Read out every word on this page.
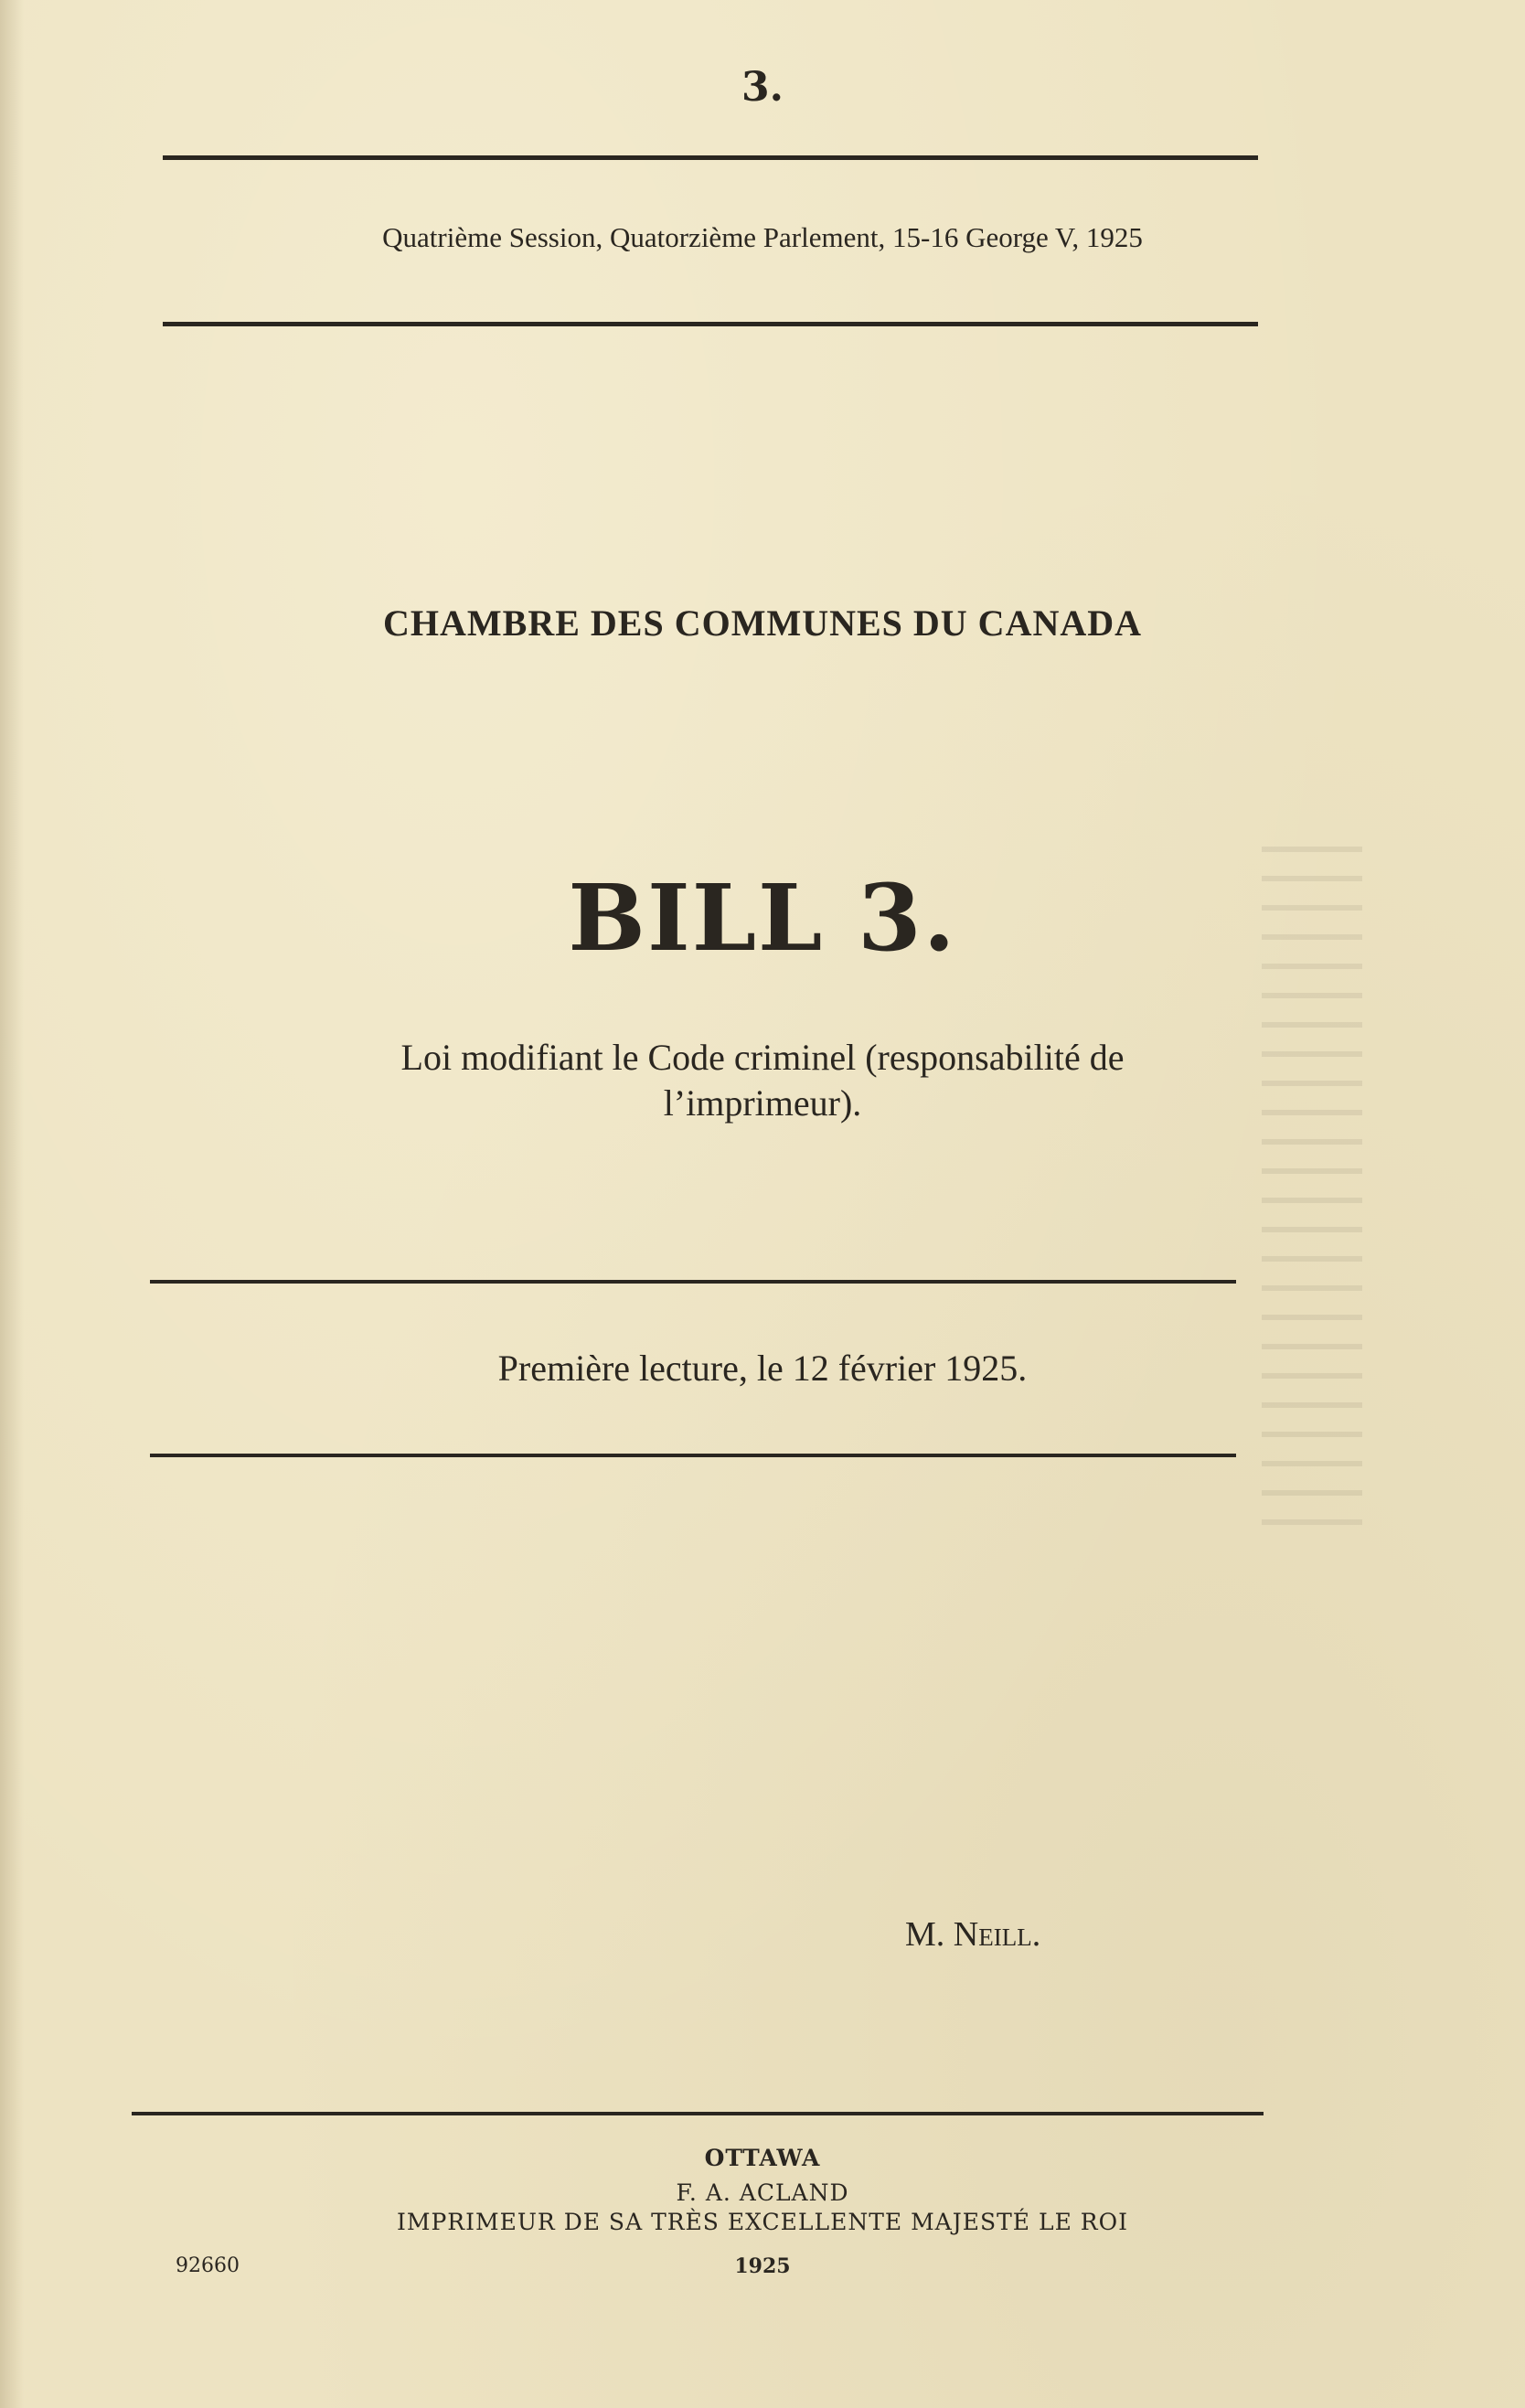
3.
Quatrième Session, Quatorzième Parlement, 15-16 George V, 1925
CHAMBRE DES COMMUNES DU CANADA
BILL 3.
Loi modifiant le Code criminel (responsabilité de
l’imprimeur).
Première lecture, le 12 février 1925.
M. Neill.
OTTAWA
F. A. ACLAND
IMPRIMEUR DE SA TRÈS EXCELLENTE MAJESTÉ LE ROI
1925
92660
